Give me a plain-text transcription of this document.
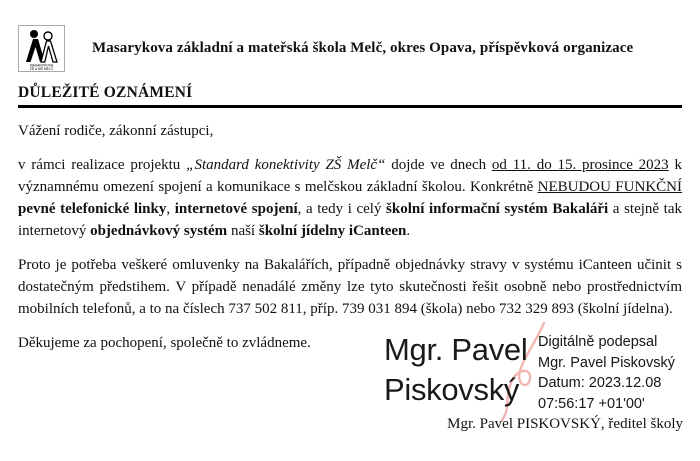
MASARYKOVA
ZŠ a MŠ MELČ
Masarykova základní a mateřská škola Melč, okres Opava, příspěvková organizace
DŮLEŽITÉ OZNÁMENÍ

Vážení rodiče, zákonní zástupci,

v rámci realizace projektu „Standard konektivity ZŠ Melč“ dojde ve dnech od 11. do 15. prosince 2023 k významnému omezení spojení a komunikace s melčskou základní školou. Konkrétně NEBUDOU FUNKČNÍ pevné telefonické linky, internetové spojení, a tedy i celý školní informační systém Bakaláři a stejně tak internetový objednávkový systém naší školní jídelny iCanteen.

Proto je potřeba veškeré omluvenky na Bakalářích, případně objednávky stravy v systému iCanteen učinit s dostatečným předstihem. V případě nenadálé změny lze tyto skutečnosti řešit osobně nebo prostřednictvím mobilních telefonů, a to na číslech 737 502 811, příp. 739 031 894 (škola) nebo 732 329 893 (školní jídelna).

Děkujeme za pochopení, společně to zvládneme.	Mgr. Pavel
Piskovský
Digitálně podepsal
Mgr. Pavel Piskovský
Datum: 2023.12.08
07:56:17 +01'00'
Mgr. Pavel PISKOVSKÝ, ředitel školy
